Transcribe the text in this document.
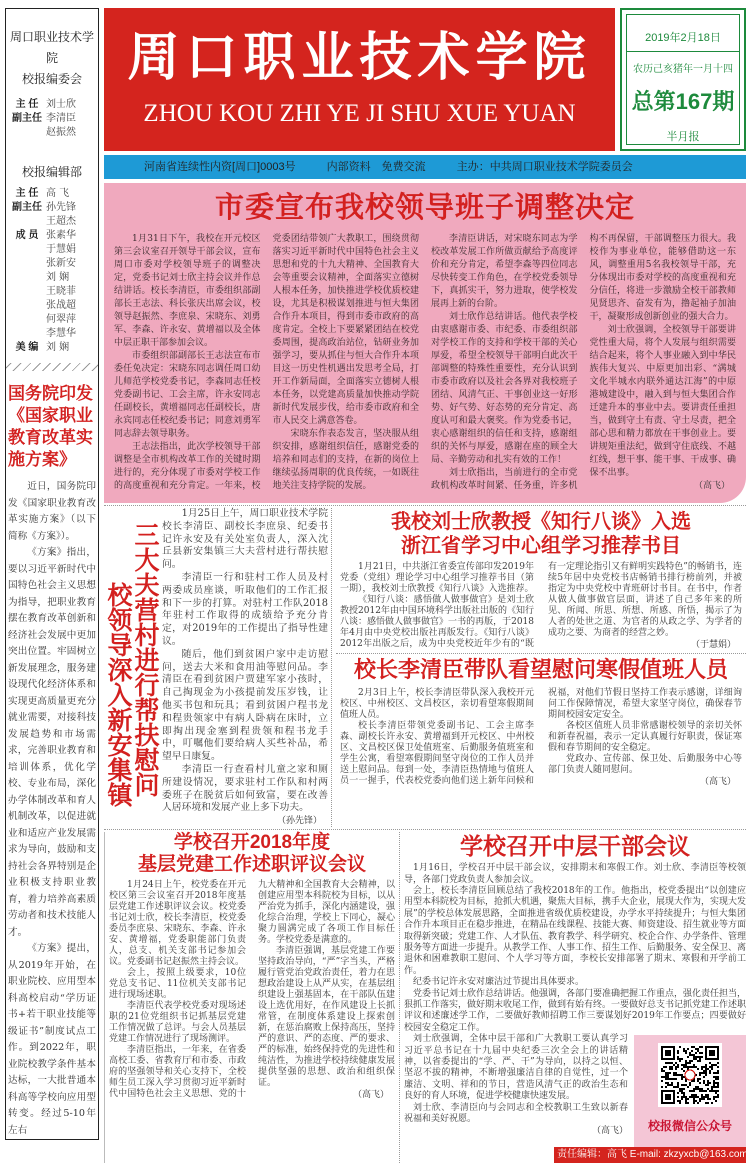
周口职业技术学院
校报编委会
主 任 刘士欣
副主任 李清臣
赵振然
校报编辑部
主 任 高 飞
副主任 孙先锋
王超杰
成 员 张素华
于慧娟
张新安
刘 娴
王晓菲
张战超
何翠萍
李慧华
美 编 刘 娴
国务院印发《国家职业教育改革实施方案》

近日，国务院印发《国家职业教育改革实施方案》（以下简称《方案》）。

《方案》指出，要以习近平新时代中国特色社会主义思想为指导，把职业教育摆在教育改革创新和经济社会发展中更加突出位置。牢固树立新发展理念，服务建设现代化经济体系和实现更高质量更充分就业需要，对接科技发展趋势和市场需求，完善职业教育和培训体系，优化学校、专业布局，深化办学体制改革和育人机制改革，以促进就业和适应产业发展需求为导向，鼓励和支持社会各界特别是企业积极支持职业教育，着力培养高素质劳动者和技术技能人才。

《方案》提出，从2019年开始，在职业院校、应用型本科高校启动“学历证书+若干职业技能等级证书”制度试点工作。到2022年，职业院校教学条件基本达标，一大批普通本科高等学校向应用型转变。经过5-10年左右

周口职业技术学院
ZHOU KOU ZHI YE JI SHU XUE YUAN
2019年2月18日
农历己亥猪年一月十四
总第167期
半月报
河南省连续性内资[周口]0003号	内部资料　免费交流	主办：中共周口职业技术学院委员会
市委宣布我校领导班子调整决定

1月31日下午，我校在开元校区第三会议室召开领导干部会议，宣布周口市委对学校领导班子的调整决定，党委书记刘士欣主持会议并作总结讲话。校长李清臣，市委组织部副部长王志法、科长张庆出席会议，校领导赵振然、李庶泉、宋晓东、刘勇军、李森、许永安、黄增福以及全体中层正职干部参加会议。

市委组织部副部长王志法宣布市委任免决定：宋晓东同志调任周口幼儿师范学校党委书记，李森同志任校党委副书记、工会主席，许永安同志任副校长，黄增福同志任副校长，唐永宾同志任校纪委书记；同意刘勇军同志辞去领导职务。

王志法指出，此次学校领导干部调整是全市机构改革工作的关键时期进行的，充分体现了市委对学校工作的高度重视和充分肯定。一年来，校党委团结带领广大教职工，围绕贯彻落实习近平新时代中国特色社会主义思想和党的十九大精神、全国教育大会等重要会议精神，全面落实立德树人根本任务，加快推进学校优质校建设，尤其是积极谋划推进与恒大集团合作升本项目，得到市委市政府的高度肯定。全校上下要紧紧团结在校党委周围，提高政治站位，钻研业务加强学习，要从抓住与恒大合作升本项目这一历史性机遇出发思考全局，打开工作新局面，全面落实立德树人根本任务，以党建高质量加快推动学院新时代发展步伐，给市委市政府和全市人民交上满意答卷。

宋晓东作表态发言，坚决服从组织安排，感谢组织信任，感谢党委的培养和同志们的支持，在新的岗位上继续弘扬周职的优良传统，一如既往地关注支持学院的发展。

李清臣讲话，对宋晓东同志为学校改革发展工作所做贡献给予高度评价和充分肯定，希望李森等四位同志尽快转变工作角色，在学校党委领导下，真抓实干，努力进取，使学校发展再上新的台阶。

刘士欣作总结讲话。他代表学校由衷感谢市委、市纪委、市委组织部对学校工作的支持和学校干部的关心厚爱，希望全校领导干部明白此次干部调整的特殊性重要性，充分认识到市委市政府以及社会各界对我校班子团结、风清气正、干事创业这一好形势、好气势、好态势的充分肯定、高度认可和最大褒奖。作为党委书记，衷心感谢组织的信任和支持，感谢组织的关怀与厚爱，感谢在座的顾全大局、辛勤劳动和扎实有效的工作！

刘士欣指出，当前进行的全市党政机构改革时间紧、任务重，许多机构不再保留，干部调整压力很大。我校作为事业单位，能够借助这一东风，调整重用5名我校领导干部，充分体现出市委对学校的高度重视和充分信任，将进一步激励全校干部教师见贤思齐、奋发有为，撸起袖子加油干，凝聚形成创新创业的强大合力。

刘士欣强调，全校领导干部要讲党性重大局，将个人发展与组织需要结合起来，将个人事业融入到中华民族伟大复兴、中原更加出彩、“满城文化半城水内联外通达江海”的中原港城建设中，融入到与恒大集团合作迁建升本的事业中去。要讲责任重担当，做到守土有责、守土尽责，把全部心思和精力都放在干事创业上。要讲规矩重法纪，做到守住底线、不越红线，想干事、能干事、干成事、确保不出事。

（高飞）
校领导深入新安集镇 三大夫营村进行帮扶慰问

1月25日上午，周口职业技术学院校长李清臣、副校长李庶泉、纪委书记许永安及有关处室负责人，深入沈丘县新安集镇三大夫营村进行帮扶慰问。

李清臣一行和驻村工作人员及村两委成员座谈，听取他们的工作汇报和下一步的打算。对驻村工作队2018年驻村工作取得的成绩给予充分肯定，对2019年的工作提出了指导性建议。

随后，他们到贫困户家中走访慰问，送去大米和食用油等慰问品。李清臣在看到贫困户贾建军家小孩时，自己掏现金为小孩提前发压岁钱，让他买书包和玩具；看到贫困户程书龙和程贵领家中有病人卧病在床时，立即掏出现金塞到程贵领和程书龙手中，叮嘱他们要给病人买些补品，希望早日康复。

李清臣一行查看村儿童之家和厕所建设情况，要求驻村工作队和村两委班子在脱贫后如何致富，要在改善人居环境和发展产业上多下功夫。

（孙先锋）
我校刘士欣教授《知行八谈》入选
浙江省学习中心组学习推荐书目

1月21日，中共浙江省委宣传部印发2019年党委（党组）理论学习中心组学习推荐书目（第一期），我校刘士欣教授《知行八谈》入选推荐。

《知行八谈：感悟做人做事做官》是刘士欣教授2012年由中国环境科学出版社出版的《知行八谈：感悟做人做事做官》一书的再版，于2018年4月由中央党校出版社再版发行。《知行八谈》2012年出版之后，成为中央党校近年少有的“既有一定理论指引又有鲜明实践特色”的畅销书，连续5年居中央党校书店畅销书排行榜前列，并被指定为中央党校中青班研讨书目。在书中，作者从做人做事做官层面，讲述了自己多年来的所见、所闻、所思、所想、所感、所悟，揭示了为人者的处世之道、为官者的从政之学、为学者的成功之要、为商者的经营之妙。

（于慧娟）
校长李清臣带队看望慰问寒假值班人员

2月3日上午，校长李清臣带队深入我校开元校区、中州校区、文昌校区，亲切看望寒假期间值班人员。

校长李清臣带领党委副书记、工会主席李森、副校长许永安、黄增福到开元校区、中州校区、文昌校区保卫处值班室、后勤服务值班室和学生公寓，看望寒假期间坚守岗位的工作人员并送上慰问品。每到一处，李清臣热情地与值班人员一一握手，代表校党委向他们送上新年问候和祝福，对他们节假日坚持工作表示感谢，详细询问工作保障情况，希望大家坚守岗位，确保春节期间校园安定安全。

各校区值班人员非常感谢校领导的亲切关怀和新春祝福，表示一定认真履行好职责，保证寒假和春节期间的安全稳定。

党政办、宣传部、保卫处、后勤服务中心等部门负责人随同慰问。

（高飞）
学校召开2018年度
基层党建工作述职评议会议

1月24日上午，校党委在开元校区第三会议室召开2018年度基层党建工作述职评议会议。校党委书记刘士欣，校长李清臣，校党委委员李庶泉、宋晓东、李森、许永安、黄增福，党委职能部门负责人，总支、机关支部书记参加会议。党委副书记赵振然主持会议。

会上，按照上级要求，10位党总支书记、11位机关支部书记进行现场述职。

李清臣代表学校党委对现场述职的21位党组织书记抓基层党建工作情况做了总评。与会人员基层党建工作情况进行了现场测评。

李清臣指出，一年来，在省委高校工委、省教育厅和市委、市政府的坚强领导和关心支持下，全校师生员工深入学习贯彻习近平新时代中国特色社会主义思想、党的十九大精神和全国教育大会精神，以创建应用型本科院校为目标，以从严治党为抓手，深化内涵建设，强化综合治理，学校上下同心，凝心聚力圆满完成了各项工作目标任务。学校党委是满意的。

李清臣强调，基层党建工作要坚持政治导向，“严”字当头，严格履行管党治党政治责任，着力在思想政治建设上从严从实，在基层组织建设上强基固本，在干部队伍建设上选优用好，在作风建设上长抓常管，在制度体系建设上探索创新，在惩治腐败上保持高压，坚持严的意识、严的态度、严的要求、严的标准，始终保持党的先进性和纯洁性，为推进学校持续健康发展提供坚强的思想、政治和组织保证。

（高飞）
学校召开中层干部会议
校报微信公众号
责任编辑：高飞 E-mail: zkzyxcb@163.com

1月16日，学校召开中层干部会议，安排期末和寒假工作。刘士欣、李清臣等校领导，各部门党政负责人参加会议。

会上，校长李清臣回顾总结了我校2018年的工作。他指出，校党委提出“以创建应用型本科院校为目标，抢抓大机遇，聚焦大目标，携手大企业，展现大作为，实现大发展”的学校总体发展思路，全面推进省级优质校建设，办学水平持续提升；与恒大集团合作升本项目正在稳步推进，在精品在线课程、技能大赛、师资建设、招生就业等方面取得新突破；党建工作、人才队伍、教育教学、科学研究、校企合作、办学条件、管理服务等方面进一步提升。从教学工作、人事工作、招生工作、后勤服务、安全保卫、离退休和困难教职工慰问、个人学习等方面，李校长安排部署了期末、寒假和开学前工作。

纪委书记许永安对廉洁过节提出具体要求。

党委书记刘士欣作总结讲话。他强调，各部门要准确把握工作重点，强化责任担当，狠抓工作落实，做好期末收尾工作，做到有始有终。一要做好总支书记抓党建工作述职评议和述廉述学工作，二要做好教师招聘工作三要谋划好2019年工作要点；四要做好校园安全稳定工作。

刘士欣强调，全体中层干部和广大教职工要认真学习习近平总书记在十九届中央纪委三次全会上的讲话精神，以省委提出的“学、严、干”为导向，以持之以恒、坚忍不拔的精神，不断增强廉洁自律的自觉性，过一个廉洁、文明、祥和的节日，营造风清气正的政治生态和良好的育人环境，促进学校健康快速发展。

刘士欣、李清臣向与会同志和全校教职工生致以新春祝福和美好祝愿。

（高飞）
